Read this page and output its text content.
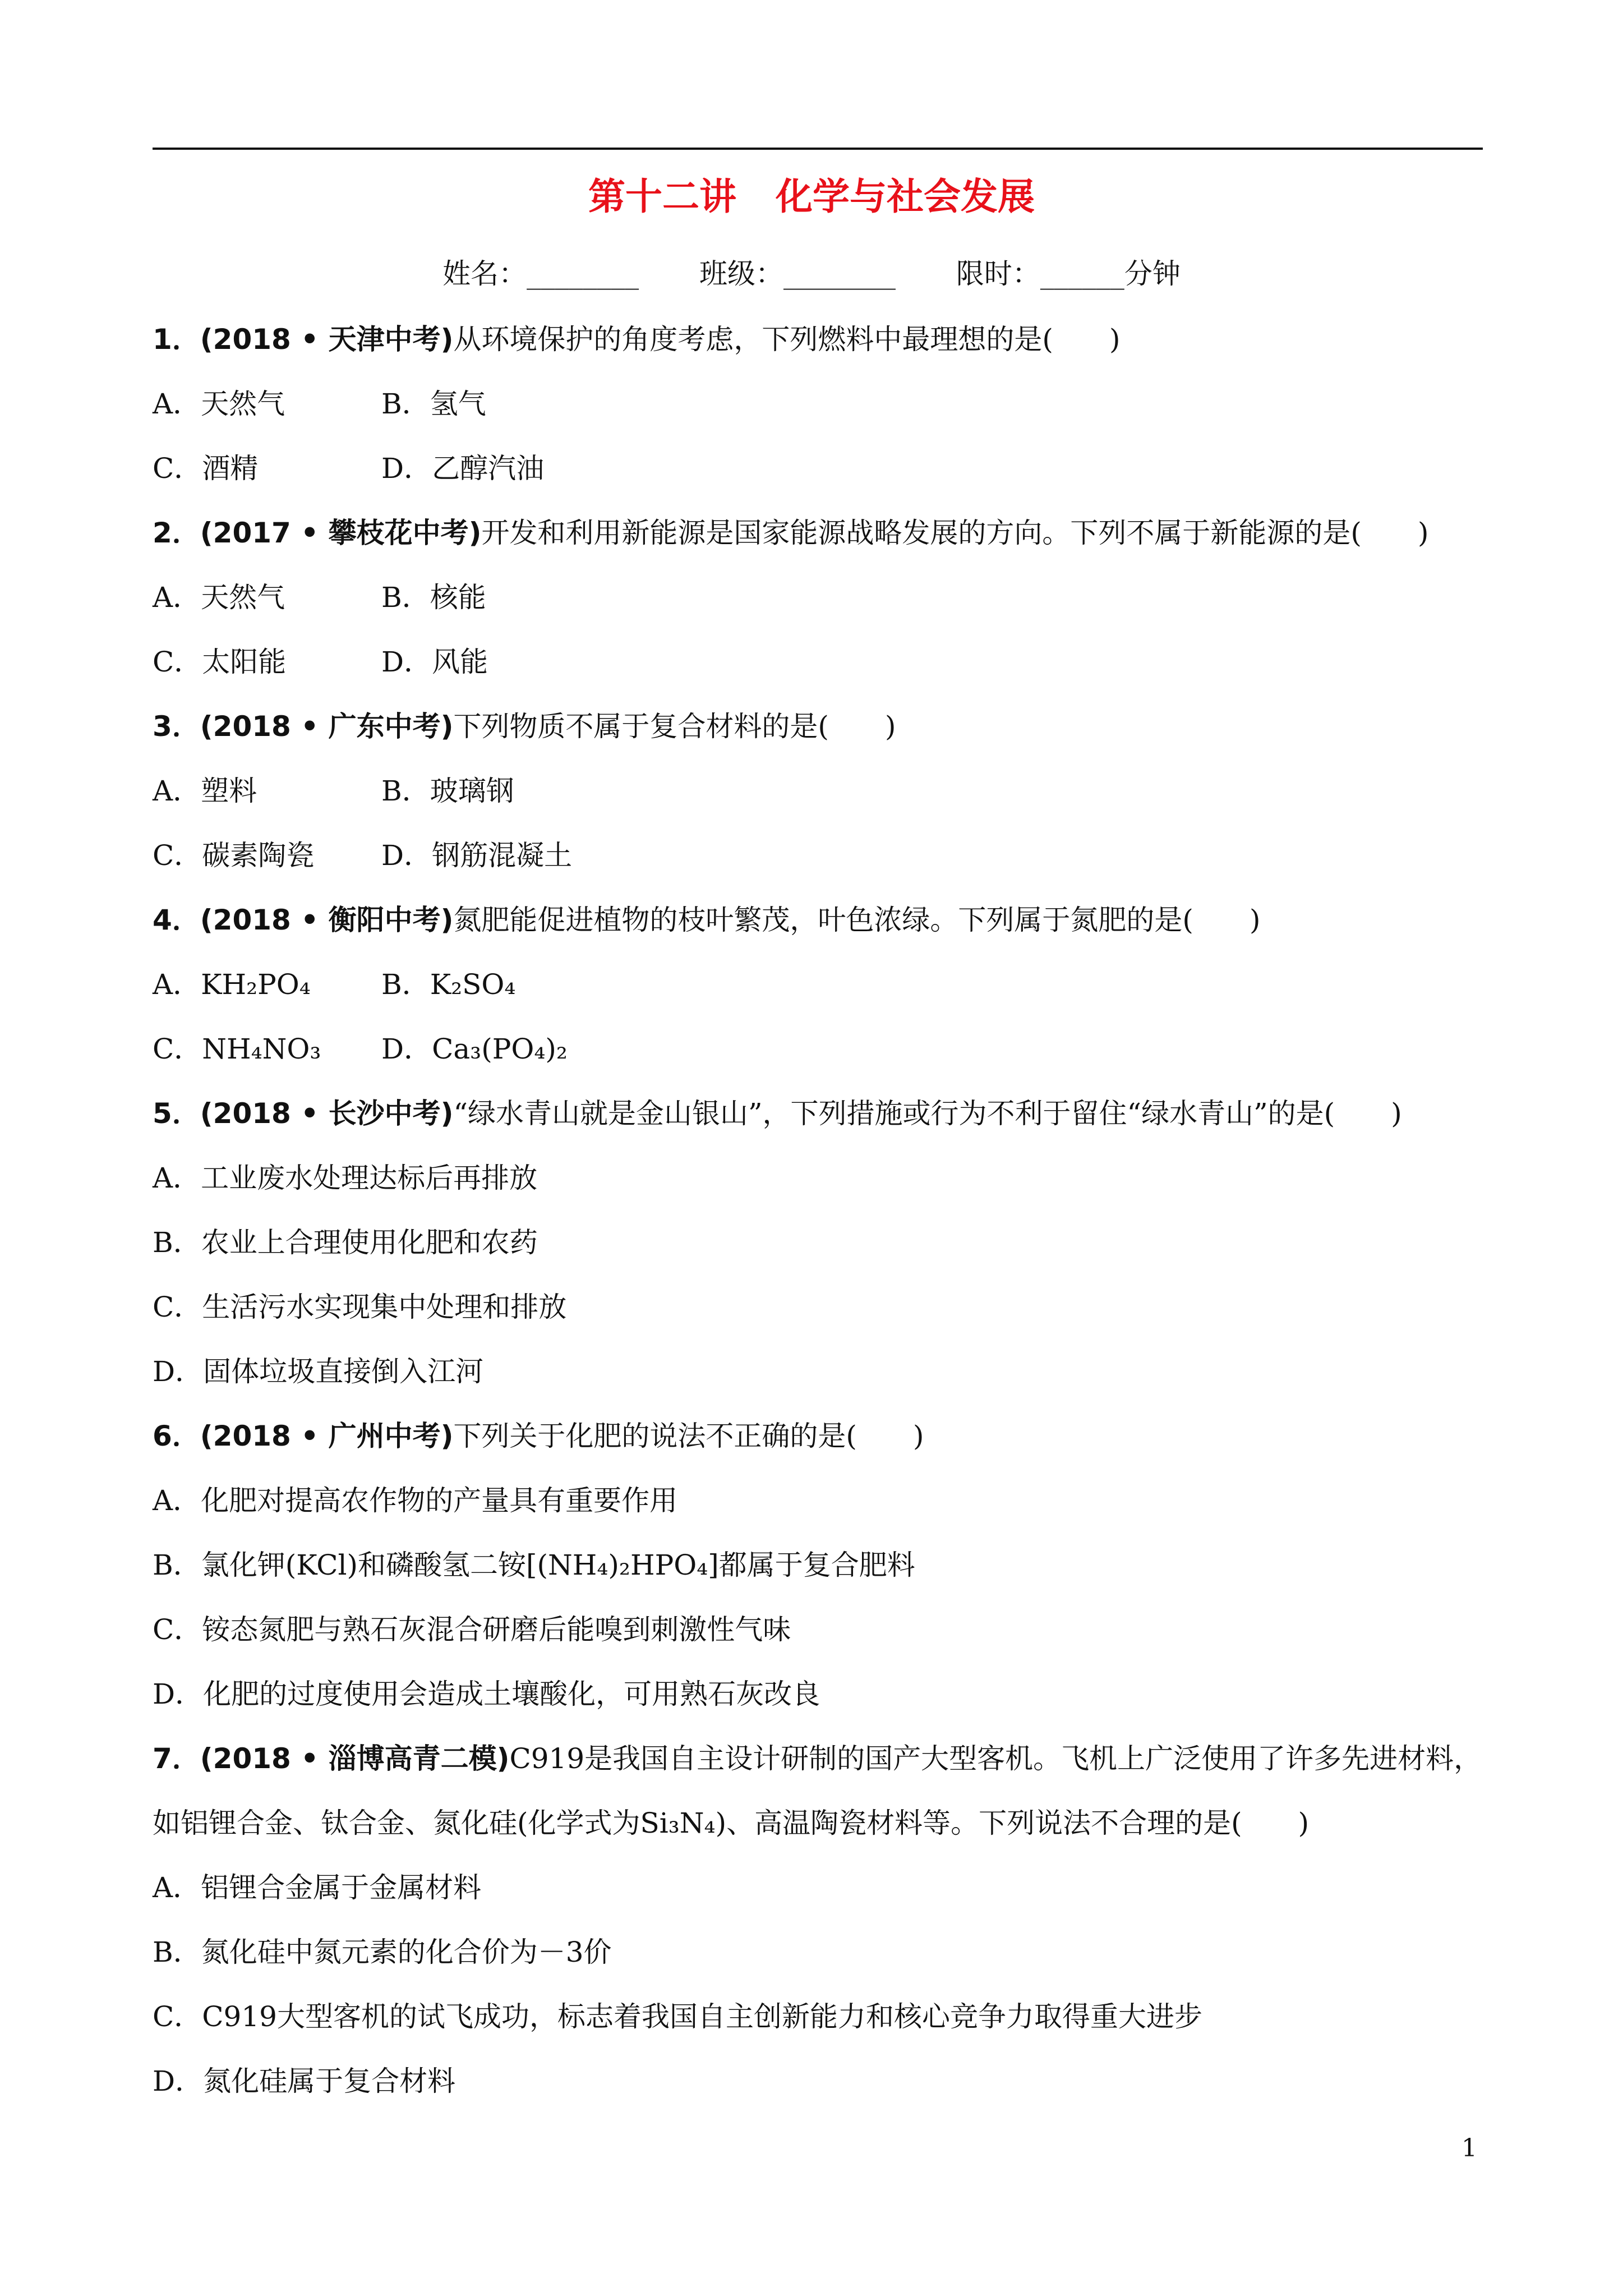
第十二讲 化学与社会发展
姓名：________ 班级：________ 限时：______分钟
1．(2018 • 天津中考)从环境保护的角度考虑，下列燃料中最理想的是(　　)
A．天然气	B．氢气
C．酒精	D．乙醇汽油
2．(2017 • 攀枝花中考)开发和利用新能源是国家能源战略发展的方向。下列不属于新能源的是(　　)
A．天然气	B．核能
C．太阳能	D．风能
3．(2018 • 广东中考)下列物质不属于复合材料的是(　　)
A．塑料	B．玻璃钢
C．碳素陶瓷 D．钢筋混凝土
4．(2018 • 衡阳中考)氮肥能促进植物的枝叶繁茂，叶色浓绿。下列属于氮肥的是(　　)
A．KH₂PO₄	B．K₂SO₄
C．NH₄NO₃ D．Ca₃(PO₄)₂
5．(2018 • 长沙中考)“绿水青山就是金山银山”，下列措施或行为不利于留住“绿水青山”的是(　　)
A．工业废水处理达标后再排放
B．农业上合理使用化肥和农药
C．生活污水实现集中处理和排放
D．固体垃圾直接倒入江河
6．(2018 • 广州中考)下列关于化肥的说法不正确的是(　　)
A．化肥对提高农作物的产量具有重要作用
B．氯化钾(KCl)和磷酸氢二铵[(NH₄)₂HPO₄]都属于复合肥料
C．铵态氮肥与熟石灰混合研磨后能嗅到刺激性气味
D．化肥的过度使用会造成土壤酸化，可用熟石灰改良
7．(2018 • 淄博高青二模)C919是我国自主设计研制的国产大型客机。飞机上广泛使用了许多先进材料，
如铝锂合金、钛合金、氮化硅(化学式为Si₃N₄)、高温陶瓷材料等。下列说法不合理的是(　　)
A．铝锂合金属于金属材料
B．氮化硅中氮元素的化合价为－3价
C．C919大型客机的试飞成功，标志着我国自主创新能力和核心竞争力取得重大进步
D．氮化硅属于复合材料
1
